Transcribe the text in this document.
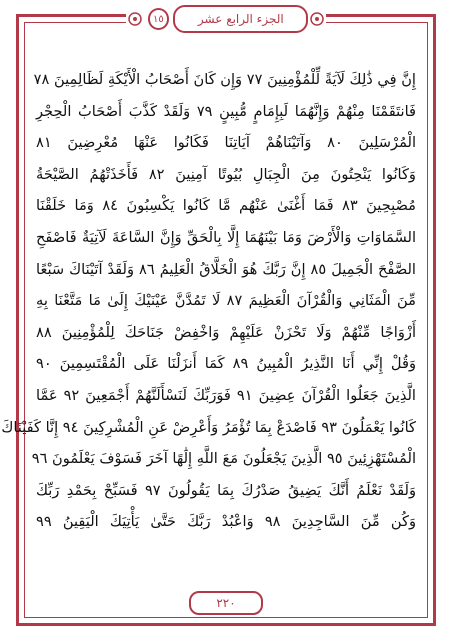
١٥	الجزء الرابع عشر
إِنَّ فِي ذَٰلِكَ لَآيَةً لِّلْمُؤْمِنِينَ ٧٧ وَإِن كَانَ أَصْحَابُ الْأَيْكَةِ لَظَالِمِينَ ٧٨
فَانتَقَمْنَا مِنْهُمْ وَإِنَّهُمَا لَبِإِمَامٍ مُّبِينٍ ٧٩ وَلَقَدْ كَذَّبَ أَصْحَابُ الْحِجْرِ
الْمُرْسَلِينَ ٨٠ وَآتَيْنَاهُمْ آيَاتِنَا فَكَانُوا عَنْهَا مُعْرِضِينَ ٨١
وَكَانُوا يَنْحِتُونَ مِنَ الْجِبَالِ بُيُوتًا آمِنِينَ ٨٢ فَأَخَذَتْهُمُ الصَّيْحَةُ
مُصْبِحِينَ ٨٣ فَمَا أَغْنَىٰ عَنْهُم مَّا كَانُوا يَكْسِبُونَ ٨٤ وَمَا خَلَقْنَا
السَّمَاوَاتِ وَالْأَرْضَ وَمَا بَيْنَهُمَا إِلَّا بِالْحَقِّ وَإِنَّ السَّاعَةَ لَآتِيَةٌ فَاصْفَحِ
الصَّفْحَ الْجَمِيلَ ٨٥ إِنَّ رَبَّكَ هُوَ الْخَلَّاقُ الْعَلِيمُ ٨٦ وَلَقَدْ آتَيْنَاكَ سَبْعًا
مِّنَ الْمَثَانِي وَالْقُرْآنَ الْعَظِيمَ ٨٧ لَا تَمُدَّنَّ عَيْنَيْكَ إِلَىٰ مَا مَتَّعْنَا بِهِ
أَزْوَاجًا مِّنْهُمْ وَلَا تَحْزَنْ عَلَيْهِمْ وَاخْفِضْ جَنَاحَكَ لِلْمُؤْمِنِينَ ٨٨
وَقُلْ إِنِّي أَنَا النَّذِيرُ الْمُبِينُ ٨٩ كَمَا أَنزَلْنَا عَلَى الْمُقْتَسِمِينَ ٩٠
الَّذِينَ جَعَلُوا الْقُرْآنَ عِضِينَ ٩١ فَوَرَبِّكَ لَنَسْأَلَنَّهُمْ أَجْمَعِينَ ٩٢ عَمَّا
كَانُوا يَعْمَلُونَ ٩٣ فَاصْدَعْ بِمَا تُؤْمَرُ وَأَعْرِضْ عَنِ الْمُشْرِكِينَ ٩٤ إِنَّا كَفَيْنَاكَ
الْمُسْتَهْزِئِينَ ٩٥ الَّذِينَ يَجْعَلُونَ مَعَ اللَّهِ إِلَٰهًا آخَرَ فَسَوْفَ يَعْلَمُونَ ٩٦
وَلَقَدْ نَعْلَمُ أَنَّكَ يَضِيقُ صَدْرُكَ بِمَا يَقُولُونَ ٩٧ فَسَبِّحْ بِحَمْدِ رَبِّكَ
وَكُن مِّنَ السَّاجِدِينَ ٩٨ وَاعْبُدْ رَبَّكَ حَتَّىٰ يَأْتِيَكَ الْيَقِينُ ٩٩
٢٢٠
